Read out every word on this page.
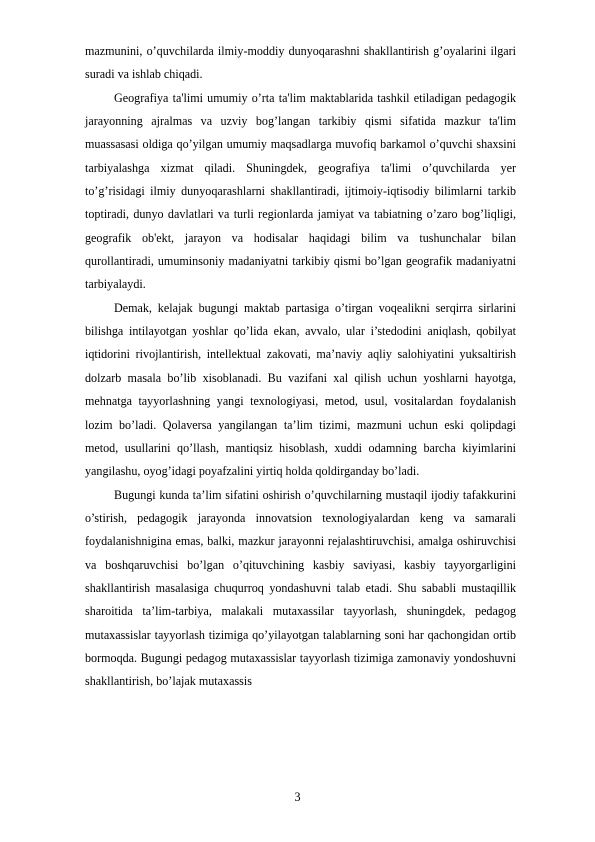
mazmunini, o’quvchilarda ilmiy-moddiy dunyoqarashni shakllantirish g’oyalarini ilgari suradi va ishlab chiqadi.

Geografiya ta'limi umumiy o’rta ta'lim maktablarida tashkil etiladigan pedagogik jarayonning ajralmas va uzviy bog’langan tarkibiy qismi sifatida mazkur ta'lim muassasasi oldiga qo’yilgan umumiy maqsadlarga muvofiq barkamol o’quvchi shaxsini tarbiyalashga xizmat qiladi. Shuningdek, geografiya ta'limi o’quvchilarda yer to’g’risidagi ilmiy dunyoqarashlarni shakllantiradi, ijtimoiy-iqtisodiy bilimlarni tarkib toptiradi, dunyo davlatlari va turli regionlarda jamiyat va tabiatning o’zaro bog’liqligi, geografik ob'ekt, jarayon va hodisalar haqidagi bilim va tushunchalar bilan qurollantiradi, umuminsoniy madaniyatni tarkibiy qismi bo’lgan geografik madaniyatni tarbiyalaydi.

Demak, kelajak bugungi maktab partasiga o’tirgan voqealikni serqirra sirlarini bilishga intilayotgan yoshlar qo’lida ekan, avvalo, ular i’stedodini aniqlash, qobilyat iqtidorini rivojlantirish, intellektual zakovati, ma’naviy aqliy salohiyatini yuksaltirish dolzarb masala bo’lib xisoblanadi. Bu vazifani xal qilish uchun yoshlarni hayotga, mehnatga tayyorlashning yangi texnologiyasi, metod, usul, vositalardan foydalanish lozim bo’ladi. Qolaversa yangilangan ta’lim tizimi, mazmuni uchun eski qolipdagi metod, usullarini qo’llash, mantiqsiz hisoblash, xuddi odamning barcha kiyimlarini yangilashu, oyog’idagi poyafzalini yirtiq holda qoldirganday bo’ladi.

Bugungi kunda ta’lim sifatini oshirish o’quvchilarning mustaqil ijodiy tafakkurini o’stirish, pedagogik jarayonda innovatsion texnologiyalardan keng va samarali foydalanishnigina emas, balki, mazkur jarayonni rejalashtiruvchisi, amalga oshiruvchisi va boshqaruvchisi bo’lgan o’qituvchining kasbiy saviyasi, kasbiy tayyorgarligini shakllantirish masalasiga chuqurroq yondashuvni talab etadi. Shu sababli mustaqillik sharoitida ta’lim-tarbiya, malakali mutaxassilar tayyorlash, shuningdek, pedagog mutaxassislar tayyorlash tizimiga qo’yilayotgan talablarning soni har qachongidan ortib bormoqda. Bugungi pedagog mutaxassislar tayyorlash tizimiga zamonaviy yondoshuvni shakllantirish, bo’lajak mutaxassis

3
